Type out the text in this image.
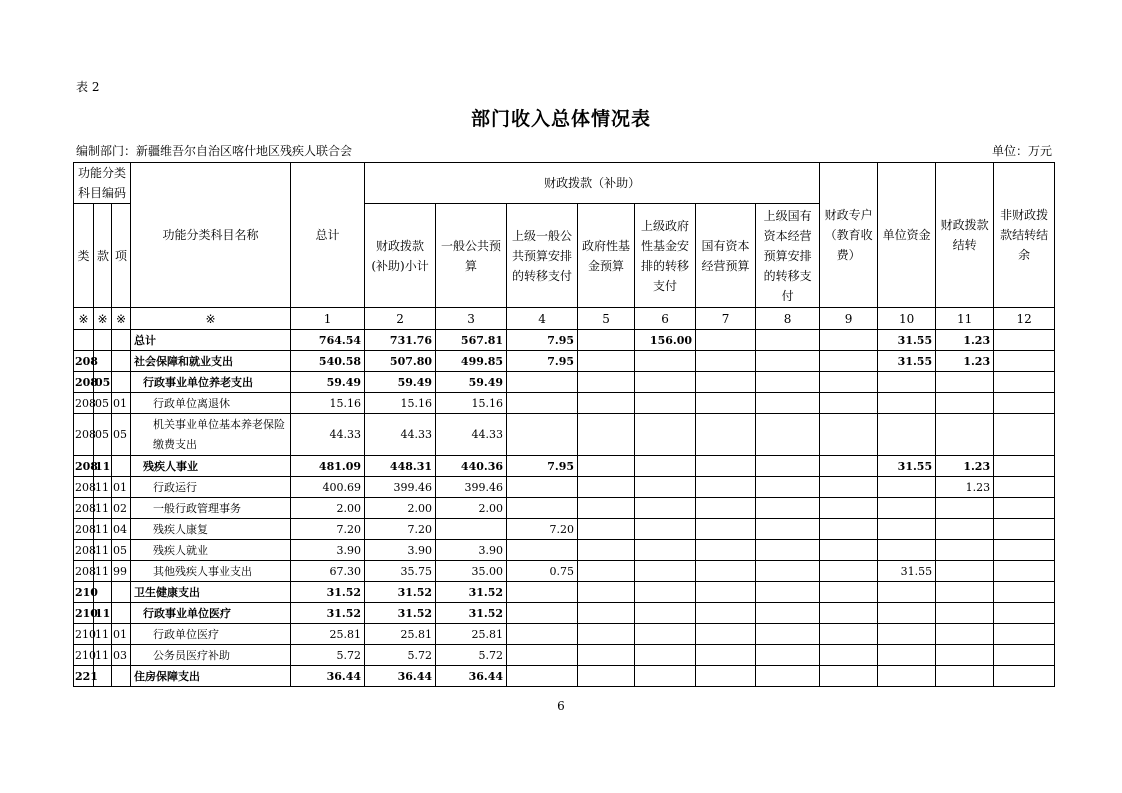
表 2
部门收入总体情况表
编制部门：新疆维吾尔自治区喀什地区残疾人联合会	单位：万元
功能分类科目编码			功能分类科目名称	总计	财政拨款（补助）							财政专户（教育收费）	单位资金	财政拨款结转	非财政拨款结转结余
类	款	项			财政拨款(补助)小计	一般公共预算	上级一般公共预算安排的转移支付	政府性基金预算	上级政府性基金安排的转移支付	国有资本经营预算	上级国有资本经营预算安排的转移支付				
※	※	※	※	1	2	3	4	5	6	7	8	9	10	11	12
			总计	764.54	731.76	567.81	7.95		156.00				31.55	1.23	
208			社会保障和就业支出	540.58	507.80	499.85	7.95						31.55	1.23	
208	05		行政事业单位养老支出	59.49	59.49	59.49									
208	05	01	行政单位离退休	15.16	15.16	15.16									
208	05	05	机关事业单位基本养老保险缴费支出	44.33	44.33	44.33									
208	11		残疾人事业	481.09	448.31	440.36	7.95						31.55	1.23	
208	11	01	行政运行	400.69	399.46	399.46								1.23	
208	11	02	一般行政管理事务	2.00	2.00	2.00									
208	11	04	残疾人康复	7.20	7.20		7.20								
208	11	05	残疾人就业	3.90	3.90	3.90									
208	11	99	其他残疾人事业支出	67.30	35.75	35.00	0.75						31.55		
210			卫生健康支出	31.52	31.52	31.52									
210	11		行政事业单位医疗	31.52	31.52	31.52									
210	11	01	行政单位医疗	25.81	25.81	25.81									
210	11	03	公务员医疗补助	5.72	5.72	5.72									
221			住房保障支出	36.44	36.44	36.44									
6
